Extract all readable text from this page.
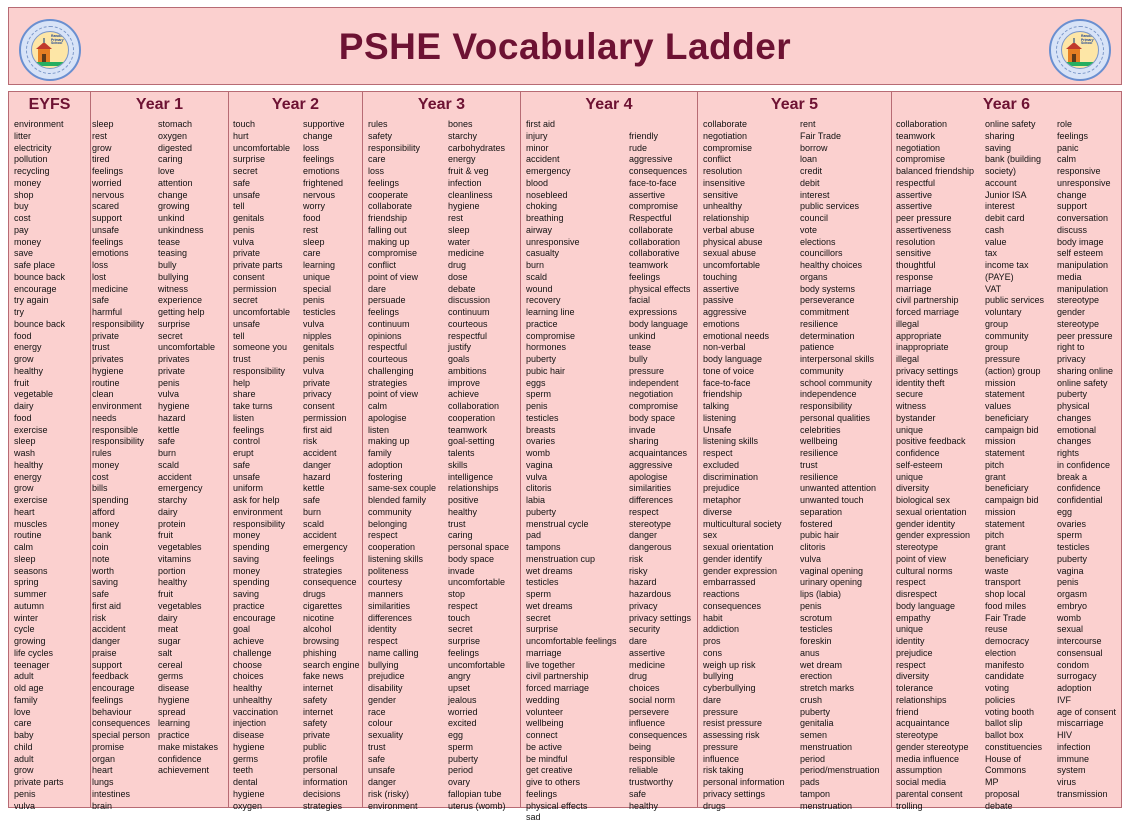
Rawdon Primary School	PSHE Vocabulary Ladder	Rawdon Primary School
EYFS
environment
litter
electricity
pollution
recycling
money
shop
buy
cost
pay
money
save
safe place
bounce back
encourage
try again
try
bounce back
food
energy
grow
healthy
fruit
vegetable
dairy
food
exercise
sleep
wash
healthy
energy
grow
exercise
heart
muscles
routine
calm
sleep
seasons
spring
summer
autumn
winter
cycle
growing
life cycles
teenager
adult
old age
family
love
care
baby
child
adult
grow
private parts
penis
vulva
Year 1
sleep
rest
grow
tired
feelings
worried
nervous
scared
support
unsafe
feelings
emotions
loss
lost
medicine
safe
harmful
responsibility
private
trust
privates
hygiene
routine
clean
environment
needs
responsible
responsibility
rules
money
cost
bills
spending
afford
money
bank
coin
note
worth
saving
safe
first aid
risk
accident
danger
praise
support
feedback
encourage
feelings
behaviour
consequences
special person
promise
organ
heart
lungs
intestines
brain
stomach
oxygen
digested
caring
love
attention
change
growing
unkind
unkindness
tease
teasing
bully
bullying
witness
experience
getting help
surprise
secret
uncomfortable
privates
private
penis
vulva
hygiene
hazard
kettle
safe
burn
scald
accident
emergency
starchy
dairy
protein
fruit
vegetables
vitamins
portion
healthy
fruit
vegetables
dairy
meat
sugar
salt
cereal
germs
disease
hygiene
spread
learning
practice
make mistakes
confidence
achievement
Year 2
touch
hurt
uncomfortable
surprise
secret
safe
unsafe
tell
genitals
penis
vulva
private
private parts
consent
permission
secret
uncomfortable
unsafe
tell
someone you
trust
responsibility
help
share
take turns
listen
feelings
control
erupt
safe
unsafe
uniform
ask for help
environment
responsibility
money
spending
saving
money
spending
saving
practice
encourage
goal
achieve
challenge
choose
choices
healthy
unhealthy
vaccination
injection
disease
hygiene
germs
teeth
dental
hygiene
oxygen
supportive
change
loss
feelings
emotions
frightened
nervous
worry
food
rest
sleep
care
learning
unique
special
penis
testicles
vulva
nipples
genitals
penis
vulva
private
privacy
consent
permission
first aid
risk
accident
danger
hazard
kettle
safe
burn
scald
accident
emergency
feelings
strategies
consequence
drugs
cigarettes
nicotine
alcohol
browsing
phishing
search engine
fake news
internet
safety
internet
safety
private
public
profile
personal
information
decisions
strategies
Year 3
rules
safety
responsibility
care
loss
feelings
cooperate
collaborate
friendship
falling out
making up
compromise
conflict
point of view
dare
persuade
feelings
continuum
opinions
respectful
courteous
challenging
strategies
point of view
calm
apologise
listen
making up
family
adoption
fostering
same-sex couple
blended family
community
belonging
respect
cooperation
listening skills
politeness
courtesy
manners
similarities
differences
identity
respect
name calling
bullying
prejudice
disability
gender
race
colour
sexuality
trust
safe
unsafe
danger
risk (risky)
environment
bones
starchy
carbohydrates
energy
fruit & veg
infection
cleanliness
hygiene
rest
sleep
water
medicine
drug
dose
debate
discussion
continuum
courteous
respectful
justify
goals
ambitions
improve
achieve
collaboration
cooperation
teamwork
goal-setting
talents
skills
intelligence
relationships
positive
healthy
trust
caring
personal space
body space
invade
uncomfortable
stop
respect
touch
secret
surprise
feelings
uncomfortable
angry
upset
jealous
worried
excited
egg
sperm
puberty
period
ovary
fallopian tube
uterus (womb)
Year 4
first aid
injury
minor
accident
emergency
blood
nosebleed
choking
breathing
airway
unresponsive
casualty
burn
scald
wound
recovery
learning line
practice
compromise
hormones
puberty
pubic hair
eggs
sperm
penis
testicles
breasts
ovaries
womb
vagina
vulva
clitoris
labia
puberty
menstrual cycle
pad
tampons
menstruation cup
wet dreams
testicles
sperm
wet dreams
secret
surprise
uncomfortable feelings
marriage
live together
civil partnership
forced marriage
wedding
volunteer
wellbeing
connect
be active
be mindful
get creative
give to others
feelings
physical effects
sad
friendly
rude
aggressive
consequences
face-to-face
assertive
compromise
Respectful
collaborate
collaboration
collaborative
teamwork
feelings
physical effects
facial
expressions
body language
unkind
tease
bully
pressure
independent
negotiation
compromise
body space
invade
sharing
acquaintances
aggressive
apologise
similarities
differences
respect
stereotype
danger
dangerous
risk
risky
hazard
hazardous
privacy
privacy settings
security
dare
assertive
medicine
drug
choices
social norm
persevere
influence
consequences
being
responsible
reliable
trustworthy
safe
healthy
Year 5
collaborate
negotiation
compromise
conflict
resolution
insensitive
sensitive
unhealthy
relationship
verbal abuse
physical abuse
sexual abuse
uncomfortable
touching
assertive
passive
aggressive
emotions
emotional needs
non-verbal
body language
tone of voice
face-to-face
friendship
talking
listening
Unsafe
listening skills
respect
excluded
discrimination
prejudice
metaphor
diverse
multicultural society
sex
sexual orientation
gender identify
gender expression
embarrassed
reactions
consequences
habit
addiction
pros
cons
weigh up risk
bullying
cyberbullying
dare
pressure
resist pressure
assessing risk
pressure
influence
risk taking
personal information
privacy settings
drugs
rent
Fair Trade
borrow
loan
credit
debit
interest
public services
council
vote
elections
councillors
healthy choices
organs
body systems
perseverance
commitment
resilience
determination
patience
interpersonal skills
community
school community
independence
responsibility
personal qualities
celebrities
wellbeing
resilience
trust
resilience
unwanted attention
unwanted touch
separation
fostered
pubic hair
clitoris
vulva
vaginal opening
urinary opening
lips (labia)
penis
scrotum
testicles
foreskin
anus
wet dream
erection
stretch marks
crush
puberty
genitalia
semen
menstruation
period
period/menstruation
pads
tampon
menstruation
Year 6
collaboration
teamwork
negotiation
compromise
balanced friendship
respectful
assertive
assertive
peer pressure
assertiveness
resolution
sensitive
thoughtful
response
marriage
civil partnership
forced marriage
illegal
appropriate
inappropriate
illegal
privacy settings
identity theft
secure
witness
bystander
unique
positive feedback
confidence
self-esteem
unique
diversity
biological sex
sexual orientation
gender identity
gender expression
stereotype
point of view
cultural norms
respect
disrespect
body language
empathy
unique
identity
prejudice
respect
diversity
tolerance
relationships
friend
acquaintance
stereotype
gender stereotype
media influence
assumption
social media
parental consent
trolling
online safety
sharing
saving
bank (building
society)
account
Junior ISA
interest
debit card
cash
value
tax
income tax
(PAYE)
VAT
public services
voluntary
group
community
group
pressure
(action) group
mission
statement
values
beneficiary
campaign bid
mission
statement
pitch
grant
beneficiary
campaign bid
mission
statement
pitch
grant
beneficiary
waste
transport
shop local
food miles
Fair Trade
reuse
democracy
election
manifesto
candidate
voting
policies
voting booth
ballot slip
ballot box
constituencies
House of
Commons
MP
proposal
debate
role
feelings
panic
calm
responsive
unresponsive
change
support
conversation
discuss
body image
self esteem
manipulation
media
manipulation
stereotype
gender
stereotype
peer pressure
right to
privacy
sharing online
online safety
puberty
physical
changes
emotional
changes
rights
in confidence
break a
confidence
confidential
egg
ovaries
sperm
testicles
puberty
vagina
penis
orgasm
embryo
womb
sexual
intercourse
consensual
condom
surrogacy
adoption
IVF
age of consent
miscarriage
HIV
infection
immune
system
virus
transmission
